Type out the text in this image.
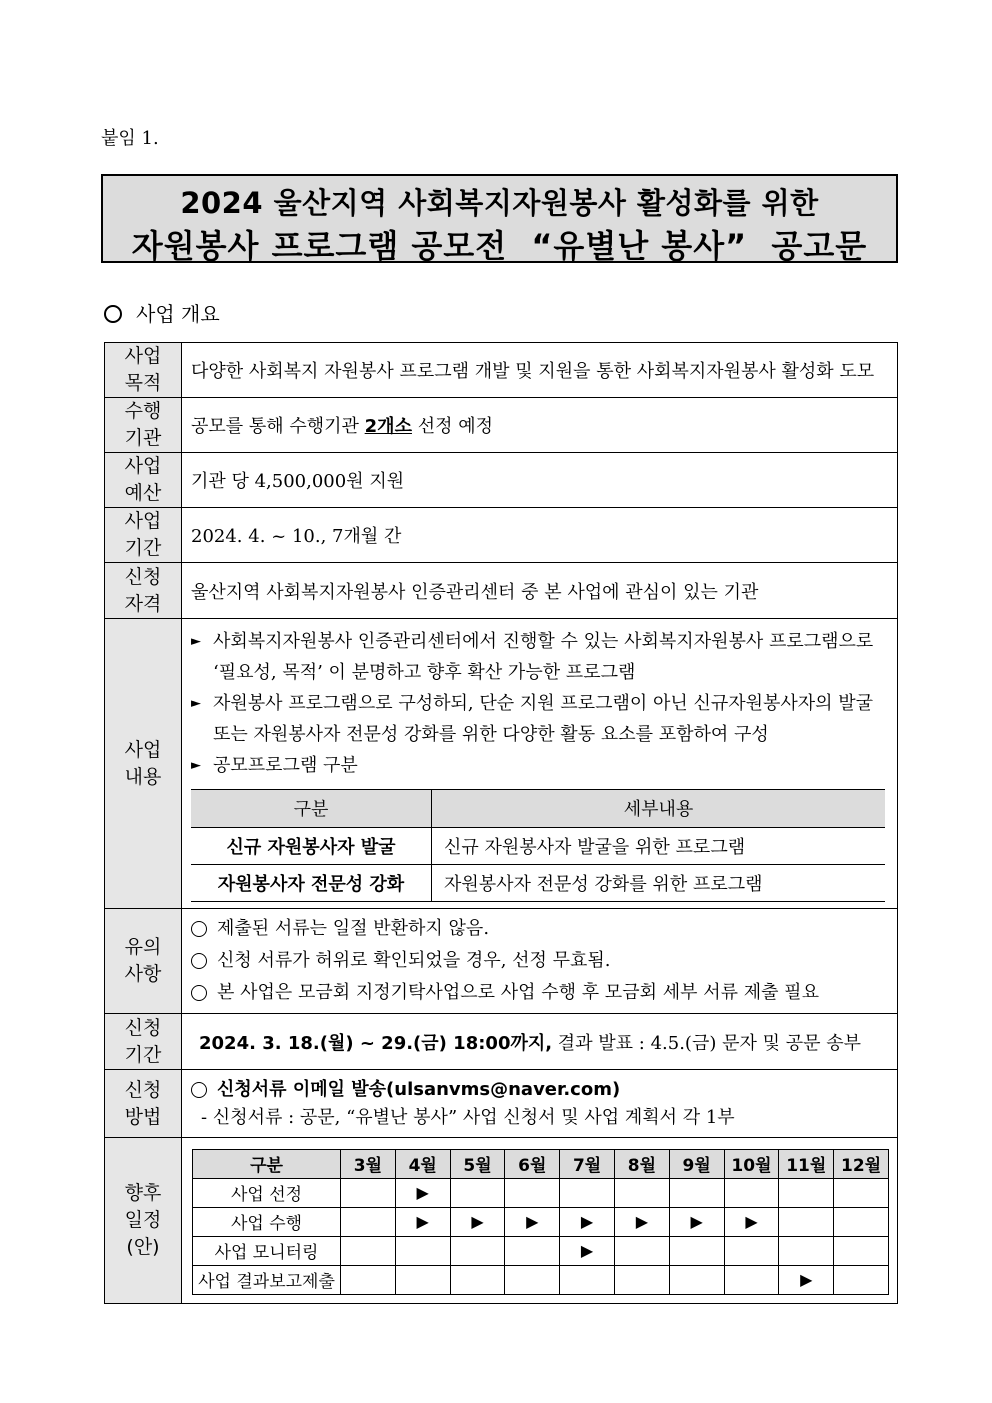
붙임 1.
2024 울산지역 사회복지자원봉사 활성화를 위한
자원봉사 프로그램 공모전  “유별난 봉사”  공고문
사업 개요
사업
목적	다양한 사회복지 자원봉사 프로그램 개발 및 지원을 통한 사회복지자원봉사 활성화 도모
수행
기관	공모를 통해 수행기관 2개소 선정 예정
사업
예산	기관 당 4,500,000원 지원
사업
기간	2024. 4. ~ 10., 7개월 간
신청
자격	울산지역 사회복지자원봉사 인증관리센터 중 본 사업에 관심이 있는 기관
사업
내용	
► 사회복지자원봉사 인증관리센터에서 진행할 수 있는 사회복지자원봉사 프로그램으로 ‘필요성, 목적’ 이 분명하고 향후 확산 가능한 프로그램
► 자원봉사 프로그램으로 구성하되, 단순 지원 프로그램이 아닌 신규자원봉사자의 발굴 또는 자원봉사자 전문성 강화를 위한 다양한 활동 요소를 포함하여 구성
► 공모프로그램 구분
구분	세부내용
신규 자원봉사자 발굴	신규 자원봉사자 발굴을 위한 프로그램
자원봉사자 전문성 강화	자원봉사자 전문성 강화를 위한 프로그램

유의
사항	
제출된 서류는 일절 반환하지 않음.
신청 서류가 허위로 확인되었을 경우, 선정 무효됨.
본 사업은 모금회 지정기탁사업으로 사업 수행 후 모금회 세부 서류 제출 필요

신청
기간	2024. 3. 18.(월) ~ 29.(금) 18:00까지, 결과 발표 : 4.5.(금) 문자 및 공문 송부
신청
방법	
신청서류 이메일 발송(ulsanvms@naver.com)
- 신청서류 : 공문, “유별난 봉사” 사업 신청서 및 사업 계획서 각 1부

향후
일정
(안)	
구분	3월	4월	5월	6월	7월	8월	9월	10월	11월	12월
사업 선정		▶								
사업 수행		▶	▶	▶	▶	▶	▶	▶		
사업 모니터링					▶					
사업 결과보고제출									▶	
